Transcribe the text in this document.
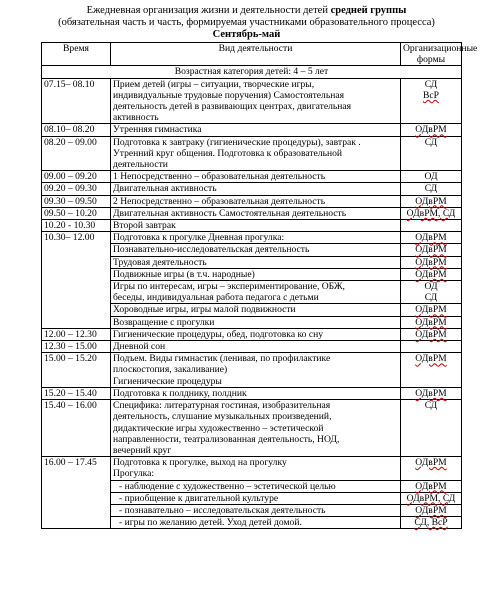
Ежедневная организация жизни и деятельности детей средней группы
(обязательная часть и часть, формируемая участниками образовательного процесса)
Сентябрь-май
Время	Вид деятельности	Организационные формы
Возрастная категория детей: 4 – 5 лет		
07.15– 08.10	Прием детей (игры – ситуации, творческие игры,
индивидуальные трудовые поручения) Самостоятельная
деятельность детей в развивающих центрах, двигательная
активность	СД
ВсР

08.10– 08.20	Утренняя гимнастика	ОДвРМ

08.20 – 09.00	Подготовка к завтраку (гигиенические процедуры), завтрак .
Утренний круг общения. Подготовка к образовательной
деятельности	СД

09.00 – 09.20	1 Непосредственно – образовательная деятельность	ОД

09.20 – 09.30	Двигательная активность	СД

09.30 – 09.50	2 Непосредственно – образовательная деятельность	ОДвРМ

09.50 – 10.20	Двигательная активность Самостоятельная деятельность	ОДвРМ, СД

10.20 - 10.30	Второй завтрак	

10.30– 12.00	Подготовка к прогулке Дневная прогулка:	ОДвРМ

	Познавательно-исследовательская деятельность	ОДвРМ

	Трудовая деятельность	ОДвРМ

	Подвижные игры (в т.ч. народные)	ОДвРМ

	Игры по интересам, игры – экспериментирование, ОБЖ,
беседы, индивидуальная работа педагога с детьми	ОД
СД

	Хороводные игры, игры малой подвижности	ОДвРМ

	Возвращение с прогулки	ОДвРМ

12.00 – 12.30	Гигиенические процедуры, обед, подготовка ко сну	ОДвРМ

12.30 – 15.00	Дневной сон	

15.00 – 15.20	Подъем. Виды гимнастик (ленивая, по профилактике
плоскостопия, закаливание)
Гигиенические процедуры	ОДвРМ

15.20 – 15.40	Подготовка к полднику, полдник	ОДвРМ

15.40 – 16.00	Специфика: литературная гостиная, изобразительная
деятельность, слушание музыкальных произведений,
дидактические игры художественно – эстетической
направленности, театрализованная деятельность, НОД,
вечерний круг	СД

16.00 – 17.45	Подготовка к прогулке, выход на прогулку
Прогулка:	ОДвРМ

	- наблюдение с художественно – эстетической целью	ОДвРМ

	- приобщение к двигательной культуре	ОДвРМ, СД

	- познавательно – исследовательская деятельность	ОДвРМ

	- игры по желанию детей. Уход детей домой.	СД, ВсР
